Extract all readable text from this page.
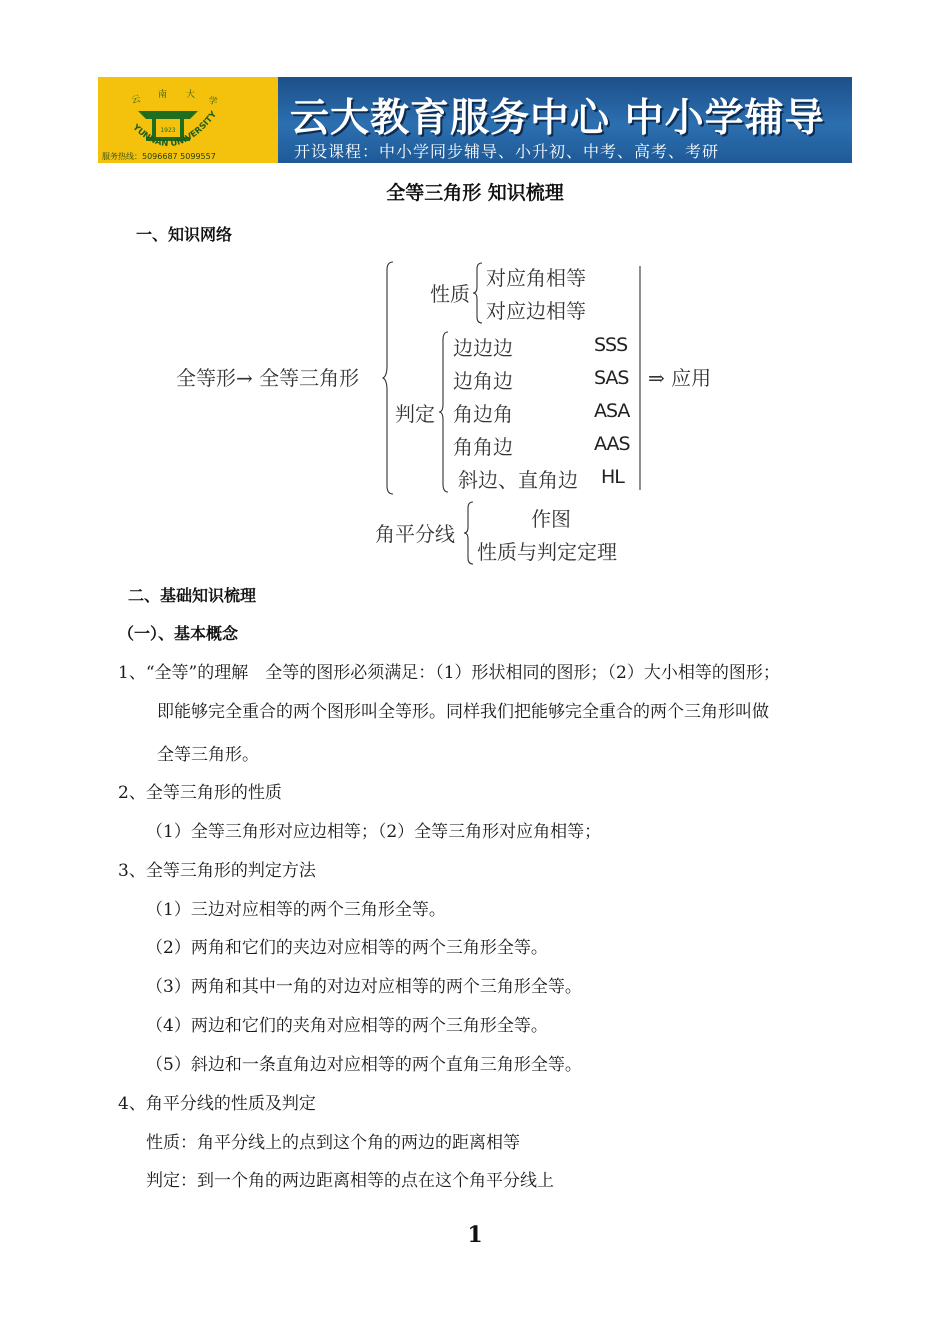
云 南 大
学
1923
YUNNAN UNIVERSITY
服务热线：5096687 5099557
云大教育服务中心 中小学辅导
开设课程：中小学同步辅导、小升初、中考、高考、考研
全等三角形 知识梳理
一、知识网络
全等形→ 全等三角形
性质
对应角相等
对应边相等
判定
边边边	SSS
边角边	SAS
角边角	ASA
角角边	AAS
斜边、直角边 HL
⇒ 应用
角平分线
作图
性质与判定定理
二、基础知识梳理
（一）、基本概念
1、“全等”的理解　全等的图形必须满足：（1）形状相同的图形；（2）大小相等的图形；
即能够完全重合的两个图形叫全等形。同样我们把能够完全重合的两个三角形叫做
全等三角形。
2、全等三角形的性质
（1）全等三角形对应边相等；（2）全等三角形对应角相等；
3、全等三角形的判定方法
（1）三边对应相等的两个三角形全等。
（2）两角和它们的夹边对应相等的两个三角形全等。
（3）两角和其中一角的对边对应相等的两个三角形全等。
（4）两边和它们的夹角对应相等的两个三角形全等。
（5）斜边和一条直角边对应相等的两个直角三角形全等。
4、角平分线的性质及判定
性质：角平分线上的点到这个角的两边的距离相等
判定：到一个角的两边距离相等的点在这个角平分线上
1
